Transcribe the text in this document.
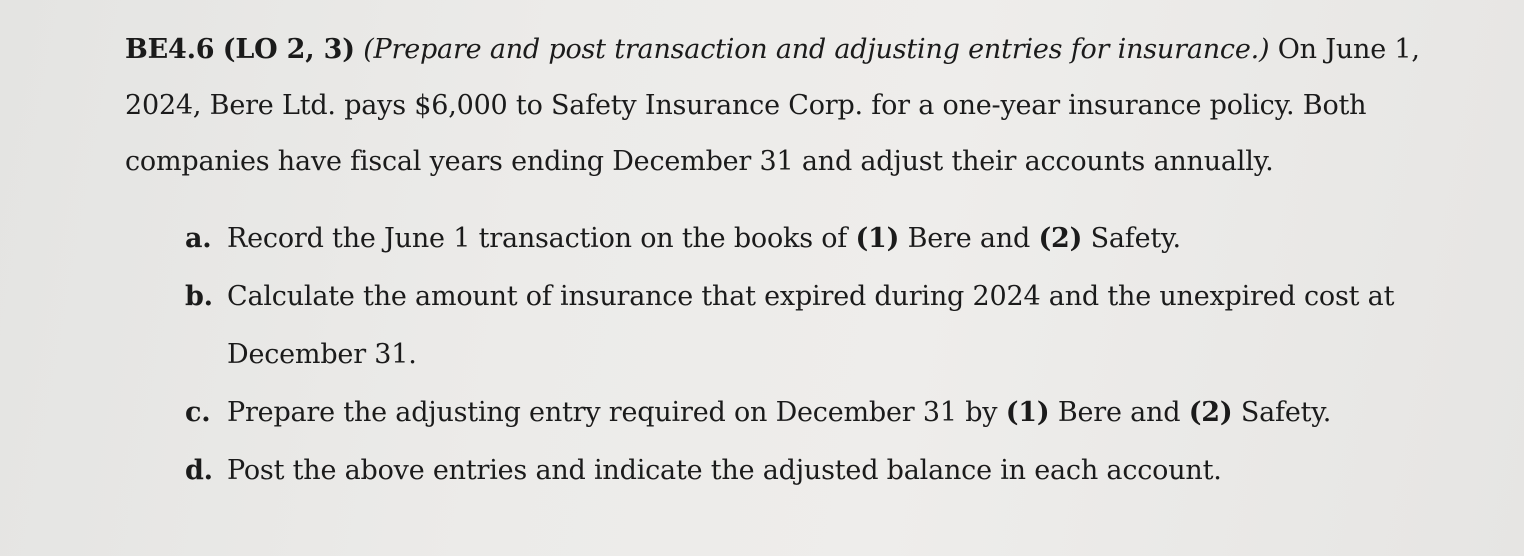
BE4.6 (LO 2, 3) (Prepare and post transaction and adjusting entries for insurance.) On June 1,
2024, Bere Ltd. pays $6,000 to Safety Insurance Corp. for a one-year insurance policy. Both
companies have fiscal years ending December 31 and adjust their accounts annually.
a. Record the June 1 transaction on the books of (1) Bere and (2) Safety.
b. Calculate the amount of insurance that expired during 2024 and the unexpired cost at
December 31.
c. Prepare the adjusting entry required on December 31 by (1) Bere and (2) Safety.
d. Post the above entries and indicate the adjusted balance in each account.
